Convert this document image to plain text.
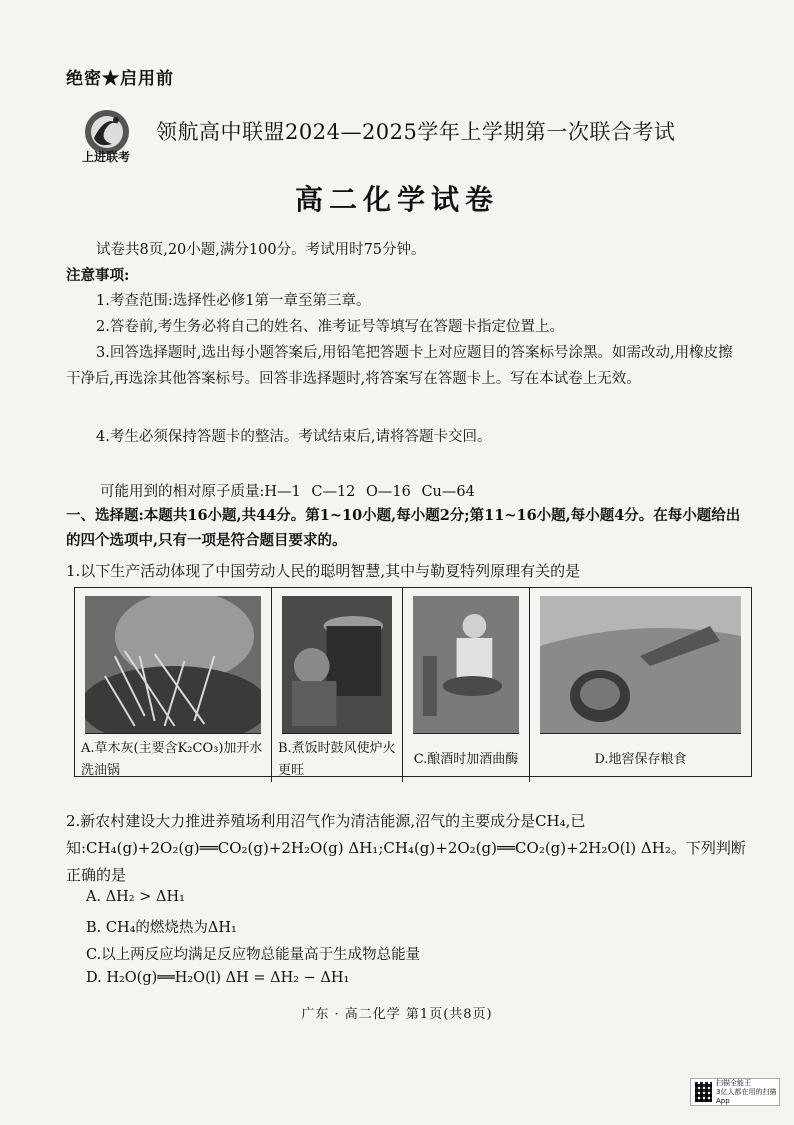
绝密★启用前
上进联考
领航高中联盟2024—2025学年上学期第一次联合考试
高二化学试卷
试卷共8页,20小题,满分100分。考试用时75分钟。
注意事项:
1.考查范围:选择性必修1第一章至第三章。
2.答卷前,考生务必将自己的姓名、准考证号等填写在答题卡指定位置上。
3.回答选择题时,选出每小题答案后,用铅笔把答题卡上对应题目的答案标号涂黑。如需改动,用橡皮擦干净后,再选涂其他答案标号。回答非选择题时,将答案写在答题卡上。写在本试卷上无效。
4.考生必须保持答题卡的整洁。考试结束后,请将答题卡交回。
可能用到的相对原子质量:H—1 C—12 O—16 Cu—64
一、选择题:本题共16小题,共44分。第1~10小题,每小题2分;第11~16小题,每小题4分。在每小题给出的四个选项中,只有一项是符合题目要求的。
1.以下生产活动体现了中国劳动人民的聪明智慧,其中与勒夏特列原理有关的是
A.草木灰(主要含K₂CO₃)加开水洗油锅
B.煮饭时鼓风使炉火更旺
C.酿酒时加酒曲酶	D.地窖保存粮食
2.新农村建设大力推进养殖场利用沼气作为清洁能源,沼气的主要成分是CH₄,已知:CH₄(g)+2O₂(g)══CO₂(g)+2H₂O(g) ΔH₁;CH₄(g)+2O₂(g)══CO₂(g)+2H₂O(l) ΔH₂。下列判断正确的是
A. ΔH₂ > ΔH₁
B. CH₄的燃烧热为ΔH₁
C.以上两反应均满足反应物总能量高于生成物总能量
D. H₂O(g)══H₂O(l) ΔH = ΔH₂ − ΔH₁
广东 · 高二化学 第1页(共8页)
扫描全能王
3亿人都在用的扫描App
